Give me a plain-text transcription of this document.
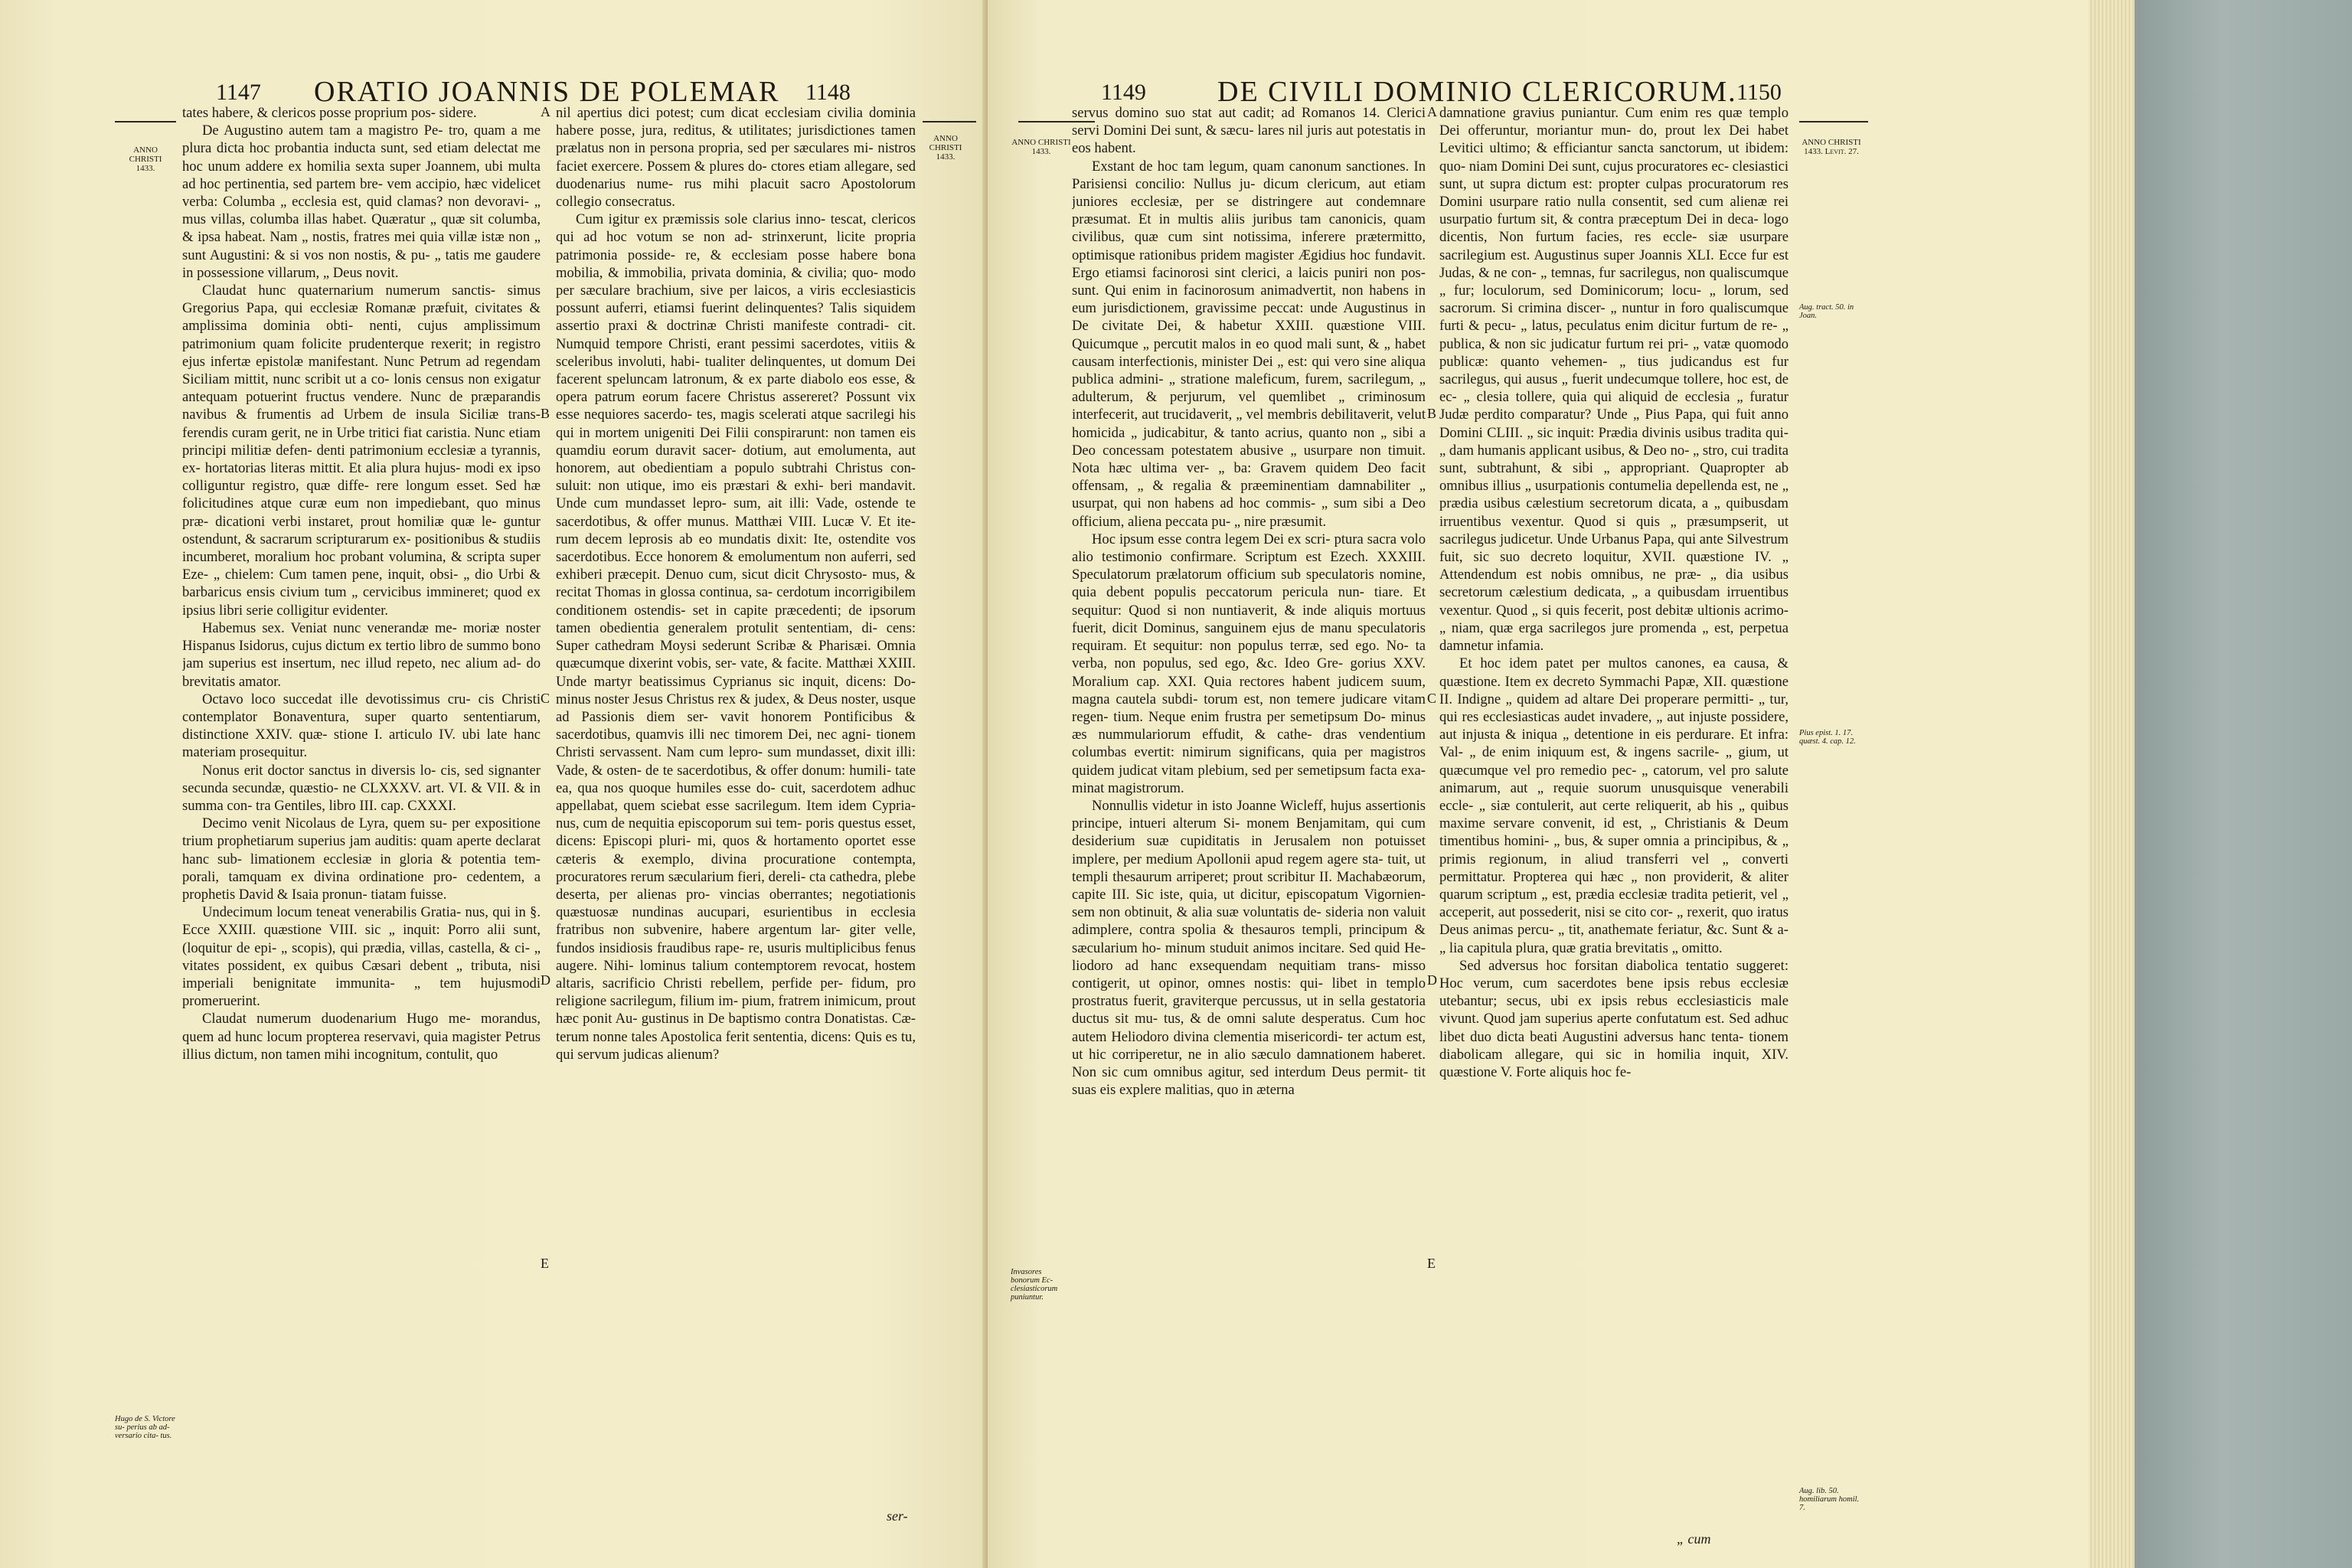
1147 ORATIO JOANNIS DE POLEMAR 1148
ANNO CHRISTI 1433.
ANNO CHRISTI 1433.

tates habere, & clericos posse proprium pos- sidere.

De Augustino autem tam a magistro Pe- tro, quam a me plura dicta hoc probantia inducta sunt, sed etiam delectat me hoc unum addere ex homilia sexta super Joannem, ubi multa ad hoc pertinentia, sed partem bre- vem accipio, hæc videlicet verba: Columba „ ecclesia est, quid clamas? non devoravi- „ mus villas, columba illas habet. Quæratur „ quæ sit columba, & ipsa habeat. Nam „ nostis, fratres mei quia villæ istæ non „ sunt Augustini: & si vos non nostis, & pu- „ tatis me gaudere in possessione villarum, „ Deus novit.

Claudat hunc quaternarium numerum sanctis- simus Gregorius Papa, qui ecclesiæ Romanæ præfuit, civitates & amplissima dominia obti- nenti, cujus amplissimum patrimonium quam folicite prudenterque rexerit; in registro ejus infertæ epistolæ manifestant. Nunc Petrum ad regendam Siciliam mittit, nunc scribit ut a co- lonis census non exigatur antequam potuerint fructus vendere. Nunc de præparandis navibus & frumentis ad Urbem de insula Siciliæ trans- ferendis curam gerit, ne in Urbe tritici fiat caristia. Nunc etiam principi militiæ defen- denti patrimonium ecclesiæ a tyrannis, ex- hortatorias literas mittit. Et alia plura hujus- modi ex ipso colliguntur registro, quæ diffe- rere longum esset. Sed hæ folicitudines atque curæ eum non impediebant, quo minus præ- dicationi verbi instaret, prout homiliæ quæ le- guntur ostendunt, & sacrarum scripturarum ex- positionibus & studiis incumberet, moralium hoc probant volumina, & scripta super Eze- „ chielem: Cum tamen pene, inquit, obsi- „ dio Urbi & barbaricus ensis civium tum „ cervicibus immineret; quod ex ipsius libri serie colligitur evidenter.

Habemus sex. Veniat nunc venerandæ me- moriæ noster Hispanus Isidorus, cujus dictum ex tertio libro de summo bono jam superius est insertum, nec illud repeto, nec alium ad- do brevitatis amator.

Octavo loco succedat ille devotissimus cru- cis Christi contemplator Bonaventura, super quarto sententiarum, distinctione XXIV. quæ- stione I. articulo IV. ubi late hanc materiam prosequitur.

Nonus erit doctor sanctus in diversis lo- cis, sed signanter secunda secundæ, quæstio- ne CLXXXV. art. VI. & VII. & in summa con- tra Gentiles, libro III. cap. CXXXI.

Decimo venit Nicolaus de Lyra, quem su- per expositione trium prophetiarum superius jam auditis: quam aperte declarat hanc sub- limationem ecclesiæ in gloria & potentia tem- porali, tamquam ex divina ordinatione pro- cedentem, a prophetis David & Isaia pronun- tiatam fuisse.

Undecimum locum teneat venerabilis Gratia- nus, qui in §. Ecce XXIII. quæstione VIII. sic „ inquit: Porro alii sunt, (loquitur de epi- „ scopis), qui prædia, villas, castella, & ci- „ vitates possident, ex quibus Cæsari debent „ tributa, nisi imperiali benignitate immunita- „ tem hujusmodi promeruerint.

Claudat numerum duodenarium Hugo me- morandus, quem ad hunc locum propterea reservavi, quia magister Petrus illius dictum, non tamen mihi incognitum, contulit, quo

nil apertius dici potest; cum dicat ecclesiam civilia dominia habere posse, jura, reditus, & utilitates; jurisdictiones tamen prælatus non in persona propria, sed per sæculares mi- nistros faciet exercere. Possem & plures do- ctores etiam allegare, sed duodenarius nume- rus mihi placuit sacro Apostolorum collegio consecratus.

Cum igitur ex præmissis sole clarius inno- tescat, clericos qui ad hoc votum se non ad- strinxerunt, licite propria patrimonia posside- re, & ecclesiam posse habere bona mobilia, & immobilia, privata dominia, & civilia; quo- modo per sæculare brachium, sive per laicos, a viris ecclesiasticis possunt auferri, etiamsi fuerint delinquentes? Talis siquidem assertio praxi & doctrinæ Christi manifeste contradi- cit. Numquid tempore Christi, erant pessimi sacerdotes, vitiis & sceleribus involuti, habi- tualiter delinquentes, ut domum Dei facerent speluncam latronum, & ex parte diabolo eos esse, & opera patrum eorum facere Christus assereret? Possunt vix esse nequiores sacerdo- tes, magis scelerati atque sacrilegi his qui in mortem unigeniti Dei Filii conspirarunt: non tamen eis quamdiu eorum duravit sacer- dotium, aut emolumenta, aut honorem, aut obedientiam a populo subtrahi Christus con- suluit: non utique, imo eis præstari & exhi- beri mandavit. Unde cum mundasset lepro- sum, ait illi: Vade, ostende te sacerdotibus, & offer munus. Matthæi VIII. Lucæ V. Et ite- rum decem leprosis ab eo mundatis dixit: Ite, ostendite vos sacerdotibus. Ecce honorem & emolumentum non auferri, sed exhiberi præcepit. Denuo cum, sicut dicit Chrysosto- mus, & recitat Thomas in glossa continua, sa- cerdotum incorrigibilem conditionem ostendis- set in capite præcedenti; de ipsorum tamen obedientia generalem protulit sententiam, di- cens: Super cathedram Moysi sederunt Scribæ & Pharisæi. Omnia quæcumque dixerint vobis, ser- vate, & facite. Matthæi XXIII. Unde martyr beatissimus Cyprianus sic inquit, dicens: Do- minus noster Jesus Christus rex & judex, & Deus noster, usque ad Passionis diem ser- vavit honorem Pontificibus & sacerdotibus, quamvis illi nec timorem Dei, nec agni- tionem Christi servassent. Nam cum lepro- sum mundasset, dixit illi: Vade, & osten- de te sacerdotibus, & offer donum: humili- tate ea, qua nos quoque humiles esse do- cuit, sacerdotem adhuc appellabat, quem sciebat esse sacrilegum. Item idem Cypria- nus, cum de nequitia episcoporum sui tem- poris questus esset, dicens: Episcopi pluri- mi, quos & hortamento oportet esse cæteris & exemplo, divina procuratione contempta, procuratores rerum sæcularium fieri, dereli- cta cathedra, plebe deserta, per alienas pro- vincias oberrantes; negotiationis quæstuosæ nundinas aucupari, esurientibus in ecclesia fratribus non subvenire, habere argentum lar- giter velle, fundos insidiosis fraudibus rape- re, usuris multiplicibus fenus augere. Nihi- lominus talium contemptorem revocat, hostem altaris, sacrificio Christi rebellem, perfide per- fidum, pro religione sacrilegum, filium im- pium, fratrem inimicum, prout hæc ponit Au- gustinus in De baptismo contra Donatistas. Cæ- terum nonne tales Apostolica ferit sententia, dicens: Quis es tu, qui servum judicas alienum?

A
B
C
D
E
Hugo de S. Victore su- perius ab ad- versario cita- tus.
ser-
1149 DE CIVILI DOMINIO CLERICORUM. 1150
ANNO CHRISTI 1433.
ANNO CHRISTI 1433. Levit. 27.

servus domino suo stat aut cadit; ad Romanos 14. Clerici servi Domini Dei sunt, & sæcu- lares nil juris aut potestatis in eos habent.

Exstant de hoc tam legum, quam canonum sanctiones. In Parisiensi concilio: Nullus ju- dicum clericum, aut etiam juniores ecclesiæ, per se distringere aut condemnare præsumat. Et in multis aliis juribus tam canonicis, quam civilibus, quæ cum sint notissima, inferere prætermitto, optimisque rationibus pridem magister Ægidius hoc fundavit. Ergo etiamsi facinorosi sint clerici, a laicis puniri non pos- sunt. Qui enim in facinorosum animadvertit, non habens in eum jurisdictionem, gravissime peccat: unde Augustinus in De civitate Dei, & habetur XXIII. quæstione VIII. Quicumque „ percutit malos in eo quod mali sunt, & „ habet causam interfectionis, minister Dei „ est: qui vero sine aliqua publica admini- „ stratione maleficum, furem, sacrilegum, „ adulterum, & perjurum, vel quemlibet „ criminosum interfecerit, aut trucidaverit, „ vel membris debilitaverit, velut homicida „ judicabitur, & tanto acrius, quanto non „ sibi a Deo concessam potestatem abusive „ usurpare non timuit. Nota hæc ultima ver- „ ba: Gravem quidem Deo facit offensam, „ & regalia & præeminentiam damnabiliter „ usurpat, qui non habens ad hoc commis- „ sum sibi a Deo officium, aliena peccata pu- „ nire præsumit.

Hoc ipsum esse contra legem Dei ex scri- ptura sacra volo alio testimonio confirmare. Scriptum est Ezech. XXXIII. Speculatorum prælatorum officium sub speculatoris nomine, quia debent populis peccatorum pericula nun- tiare. Et sequitur: Quod si non nuntiaverit, & inde aliquis mortuus fuerit, dicit Dominus, sanguinem ejus de manu speculatoris requiram. Et sequitur: non populus terræ, sed ego. No- ta verba, non populus, sed ego, &c. Ideo Gre- gorius XXV. Moralium cap. XXI. Quia rectores habent judicem suum, magna cautela subdi- torum est, non temere judicare vitam regen- tium. Neque enim frustra per semetipsum Do- minus æs nummulariorum effudit, & cathe- dras vendentium columbas evertit: nimirum significans, quia per magistros quidem judicat vitam plebium, sed per semetipsum facta exa- minat magistrorum.

Nonnullis videtur in isto Joanne Wicleff, hujus assertionis principe, intueri alterum Si- monem Benjamitam, qui cum desiderium suæ cupiditatis in Jerusalem non potuisset implere, per medium Apollonii apud regem agere sta- tuit, ut templi thesaurum arriperet; prout scribitur II. Machabæorum, capite III. Sic iste, quia, ut dicitur, episcopatum Vigornien- sem non obtinuit, & alia suæ voluntatis de- sideria non valuit adimplere, contra spolia & thesauros templi, principum & sæcularium ho- minum studuit animos incitare. Sed quid He- liodoro ad hanc exsequendam nequitiam trans- misso contigerit, ut opinor, omnes nostis: qui- libet in templo prostratus fuerit, graviterque percussus, ut in sella gestatoria ductus sit mu- tus, & de omni salute desperatus. Cum hoc autem Heliodoro divina clementia misericordi- ter actum est, ut hic corriperetur, ne in alio sæculo damnationem haberet. Non sic cum omnibus agitur, sed interdum Deus permit- tit suas eis explere malitias, quo in æterna

damnatione gravius puniantur. Cum enim res quæ templo Dei offeruntur, moriantur mun- do, prout lex Dei habet Levitici ultimo; & efficiantur sancta sanctorum, ut ibidem: quo- niam Domini Dei sunt, cujus procuratores ec- clesiastici sunt, ut supra dictum est: propter culpas procuratorum res Domini usurpare ratio nulla consentit, sed cum alienæ rei usurpatio furtum sit, & contra præceptum Dei in deca- logo dicentis, Non furtum facies, res eccle- siæ usurpare sacrilegium est. Augustinus super Joannis XLI. Ecce fur est Judas, & ne con- „ temnas, fur sacrilegus, non qualiscumque „ fur; loculorum, sed Dominicorum; locu- „ lorum, sed sacrorum. Si crimina discer- „ nuntur in foro qualiscumque furti & pecu- „ latus, peculatus enim dicitur furtum de re- „ publica, & non sic judicatur furtum rei pri- „ vatæ quomodo publicæ: quanto vehemen- „ tius judicandus est fur sacrilegus, qui ausus „ fuerit undecumque tollere, hoc est, de ec- „ clesia tollere, quia qui aliquid de ecclesia „ furatur Judæ perdito comparatur? Unde „ Pius Papa, qui fuit anno Domini CLIII. „ sic inquit: Prædia divinis usibus tradita qui- „ dam humanis applicant usibus, & Deo no- „ stro, cui tradita sunt, subtrahunt, & sibi „ appropriant. Quapropter ab omnibus illius „ usurpationis contumelia depellenda est, ne „ prædia usibus cælestium secretorum dicata, a „ quibusdam irruentibus vexentur. Quod si quis „ præsumpserit, ut sacrilegus judicetur. Unde Urbanus Papa, qui ante Silvestrum fuit, sic suo decreto loquitur, XVII. quæstione IV. „ Attendendum est nobis omnibus, ne præ- „ dia usibus secretorum cælestium dedicata, „ a quibusdam irruentibus vexentur. Quod „ si quis fecerit, post debitæ ultionis acrimo- „ niam, quæ erga sacrilegos jure promenda „ est, perpetua damnetur infamia.

Et hoc idem patet per multos canones, ea causa, & quæstione. Item ex decreto Symmachi Papæ, XII. quæstione II. Indigne „ quidem ad altare Dei properare permitti- „ tur, qui res ecclesiasticas audet invadere, „ aut injuste possidere, aut injusta & iniqua „ detentione in eis perdurare. Et infra: Val- „ de enim iniquum est, & ingens sacrile- „ gium, ut quæcumque vel pro remedio pec- „ catorum, vel pro salute animarum, aut „ requie suorum unusquisque venerabili eccle- „ siæ contulerit, aut certe reliquerit, ab his „ quibus maxime servare convenit, id est, „ Christianis & Deum timentibus homini- „ bus, & super omnia a principibus, & „ primis regionum, in aliud transferri vel „ converti permittatur. Propterea qui hæc „ non providerit, & aliter quarum scriptum „ est, prædia ecclesiæ tradita petierit, vel „ acceperit, aut possederit, nisi se cito cor- „ rexerit, quo iratus Deus animas percu- „ tit, anathemate feriatur, &c. Sunt & a- „ lia capitula plura, quæ gratia brevitatis „ omitto.

Sed adversus hoc forsitan diabolica tentatio suggeret: Hoc verum, cum sacerdotes bene ipsis rebus ecclesiæ utebantur; secus, ubi ex ipsis rebus ecclesiasticis male vivunt. Quod jam superius aperte confutatum est. Sed adhuc libet duo dicta beati Augustini adversus hanc tenta- tionem diabolicam allegare, qui sic in homilia inquit, XIV. quæstione V. Forte aliquis hoc fe-

A
B
C
D
E
Aug. tract. 50. in Joan.
Pius epist. 1. 17. quæst. 4. cap. 12.
Invasores bonorum Ec- clesiasticorum puniuntur.
Aug. lib. 50. homiliarum homil. 7.
„ cum
